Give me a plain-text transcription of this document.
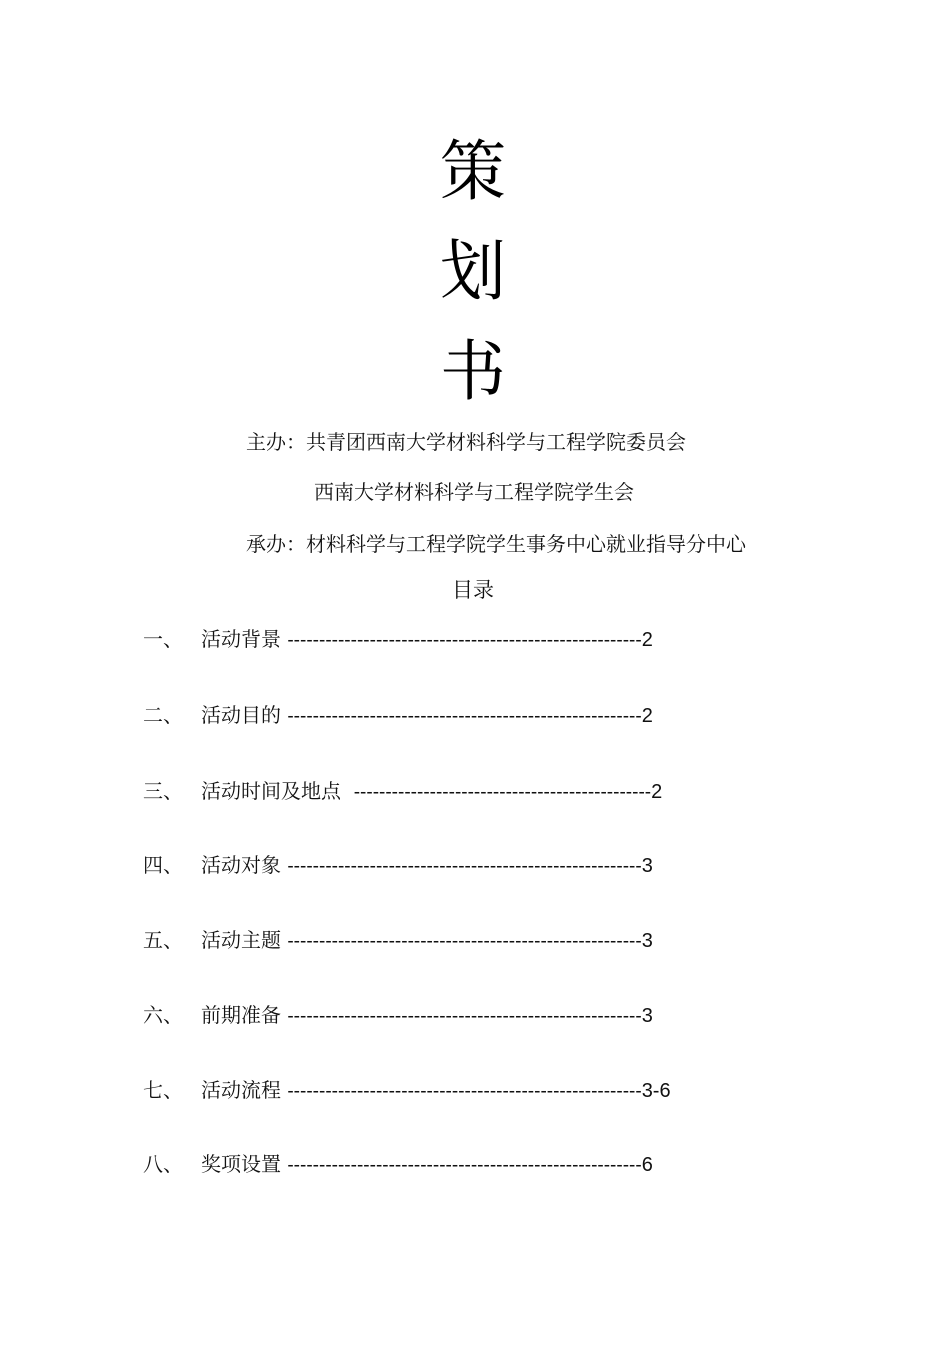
策
划
书
主办：共青团西南大学材料科学与工程学院委员会
西南大学材料科学与工程学院学生会
承办：材料科学与工程学院学生事务中心就业指导分中心
目录
一、 活动背景 --------------------------------------------------------2
二、 活动目的 --------------------------------------------------------2
三、 活动时间及地点 -----------------------------------------------2
四、 活动对象 --------------------------------------------------------3
五、 活动主题 --------------------------------------------------------3
六、 前期准备 --------------------------------------------------------3
七、 活动流程 --------------------------------------------------------3-6
八、 奖项设置 --------------------------------------------------------6
